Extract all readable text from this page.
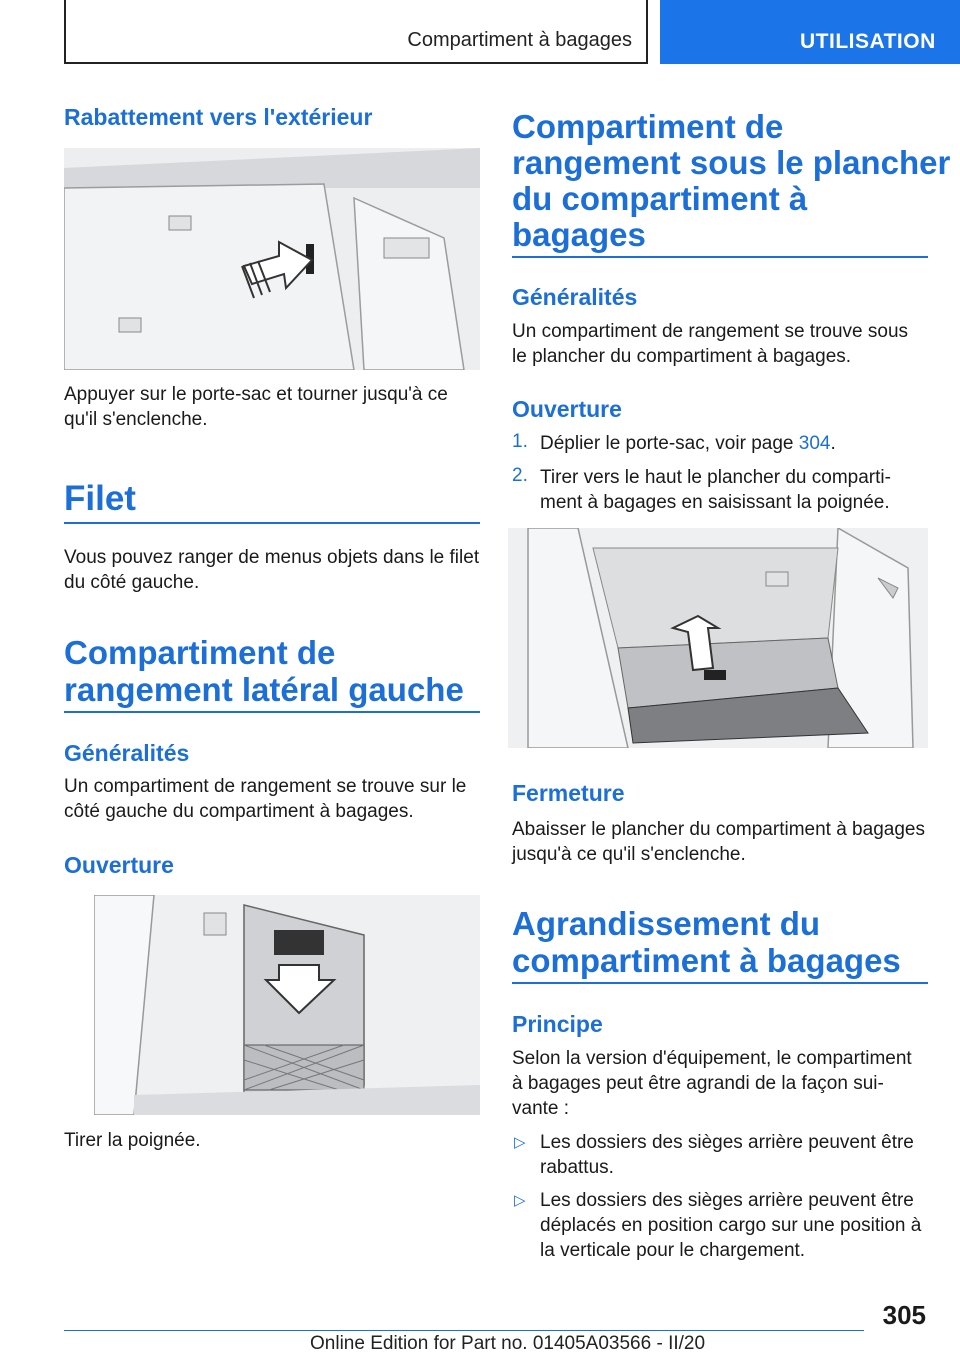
Compartiment à bagages	UTILISATION
Rabattement vers l'extérieur
Appuyer sur le porte-sac et tourner jusqu'à ce
qu'il s'enclenche.
Filet
Vous pouvez ranger de menus objets dans le filet
du côté gauche.
Compartiment de
rangement latéral gauche
Généralités
Un compartiment de rangement se trouve sur le
côté gauche du compartiment à bagages.
Ouverture
Tirer la poignée.
Compartiment de
rangement sous le plancher
du compartiment à
bagages
Généralités
Un compartiment de rangement se trouve sous
le plancher du compartiment à bagages.
Ouverture
1. Déplier le porte-sac, voir page 304.
2. Tirer vers le haut le plancher du comparti‐
ment à bagages en saisissant la poignée.
Fermeture
Abaisser le plancher du compartiment à bagages
jusqu'à ce qu'il s'enclenche.
Agrandissement du
compartiment à bagages
Principe
Selon la version d'équipement, le compartiment
à bagages peut être agrandi de la façon sui‐
vante :
▷ Les dossiers des sièges arrière peuvent être
rabattus.
▷ Les dossiers des sièges arrière peuvent être
déplacés en position cargo sur une position à
la verticale pour le chargement.
305
Online Edition for Part no. 01405A03566 - II/20
